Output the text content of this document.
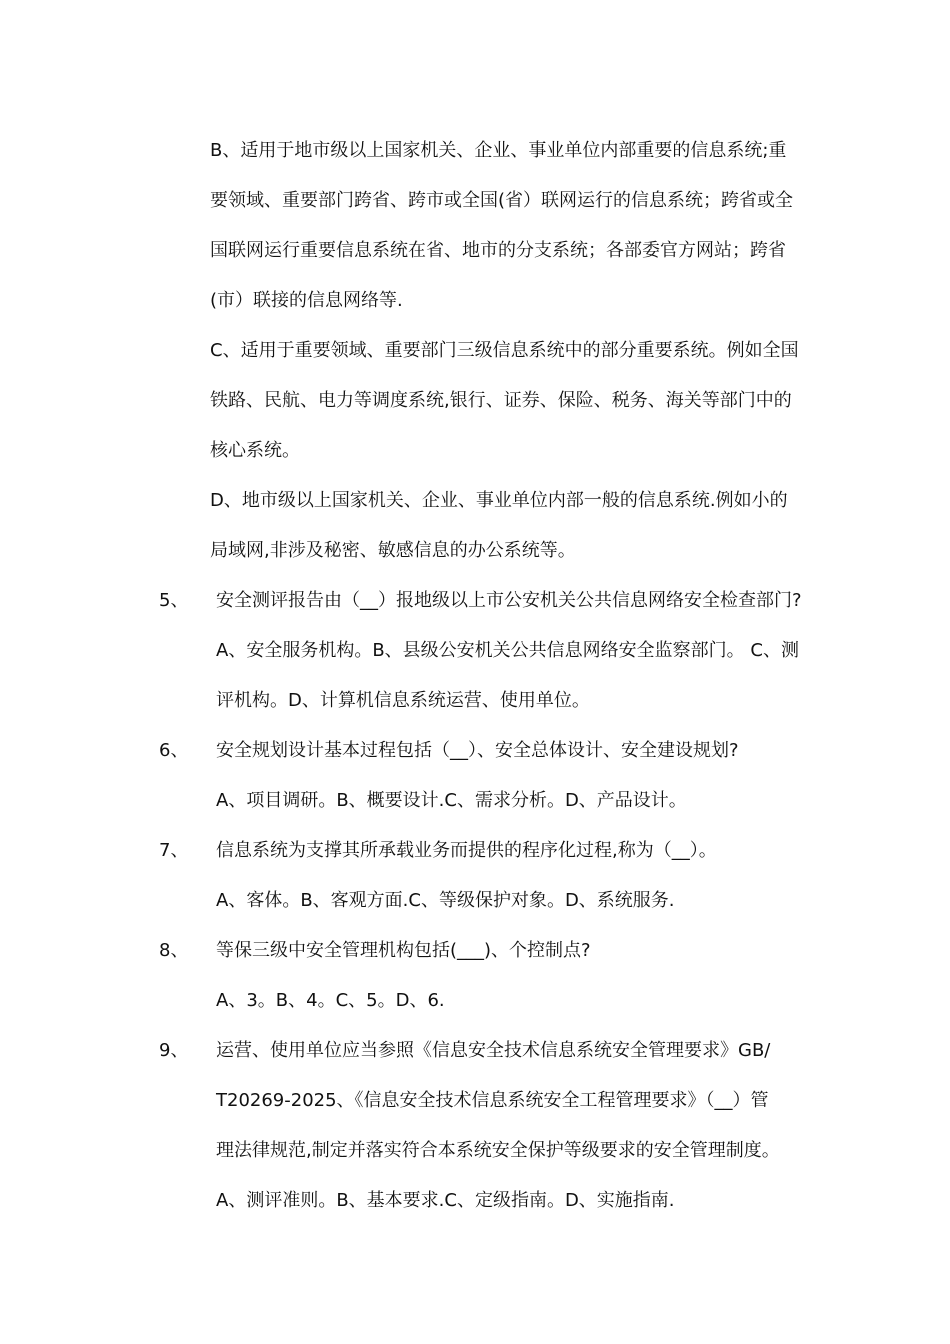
B、适用于地市级以上国家机关、企业、事业单位内部重要的信息系统;重
要领域、重要部门跨省、跨市或全国(省）联网运行的信息系统；跨省或全
国联网运行重要信息系统在省、地市的分支系统；各部委官方网站；跨省
(市）联接的信息网络等.
C、适用于重要领域、重要部门三级信息系统中的部分重要系统。例如全国
铁路、民航、电力等调度系统,银行、证券、保险、税务、海关等部门中的
核心系统。
D、地市级以上国家机关、企业、事业单位内部一般的信息系统.例如小的
局域网,非涉及秘密、敏感信息的办公系统等。
5、 安全测评报告由（__）报地级以上市公安机关公共信息网络安全检查部门?
A、安全服务机构。B、县级公安机关公共信息网络安全监察部门。 C、测
评机构。D、计算机信息系统运营、使用单位。
6、 安全规划设计基本过程包括（__）、安全总体设计、安全建设规划?
A、项目调研。B、概要设计.C、需求分析。D、产品设计。
7、 信息系统为支撑其所承载业务而提供的程序化过程,称为（__）。
A、客体。B、客观方面.C、等级保护对象。D、系统服务.
8、 等保三级中安全管理机构包括(___)、个控制点?
A、3。B、4。C、5。D、6.
9、 运营、使用单位应当参照《信息安全技术信息系统安全管理要求》GB/
T20269-2025、《信息安全技术信息系统安全工程管理要求》（__）管
理法律规范,制定并落实符合本系统安全保护等级要求的安全管理制度。
A、测评准则。B、基本要求.C、定级指南。D、实施指南.
